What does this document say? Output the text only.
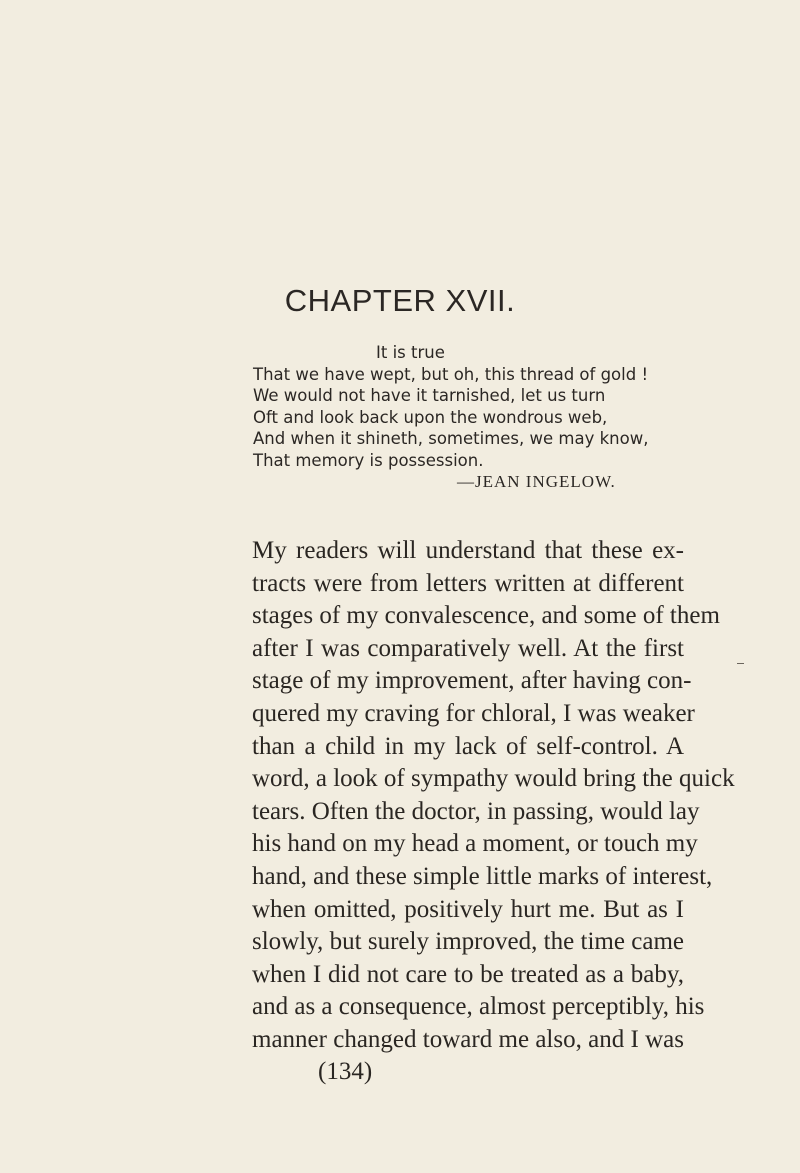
CHAPTER XVII.
It is true
That we have wept, but oh, this thread of gold !
We would not have it tarnished, let us turn
Oft and look back upon the wondrous web,
And when it shineth, sometimes, we may know,
That memory is possession.
—JEAN INGELOW.
My readers will understand that these ex-
tracts were from letters written at different
stages of my convalescence, and some of them
after I was comparatively well. At the first
stage of my improvement, after having con-
quered my craving for chloral, I was weaker
than a child in my lack of self-control. A
word, a look of sympathy would bring the quick
tears. Often the doctor, in passing, would lay
his hand on my head a moment, or touch my
hand, and these simple little marks of interest,
when omitted, positively hurt me. But as I
slowly, but surely improved, the time came
when I did not care to be treated as a baby,
and as a consequence, almost perceptibly, his
manner changed toward me also, and I was
(134)
